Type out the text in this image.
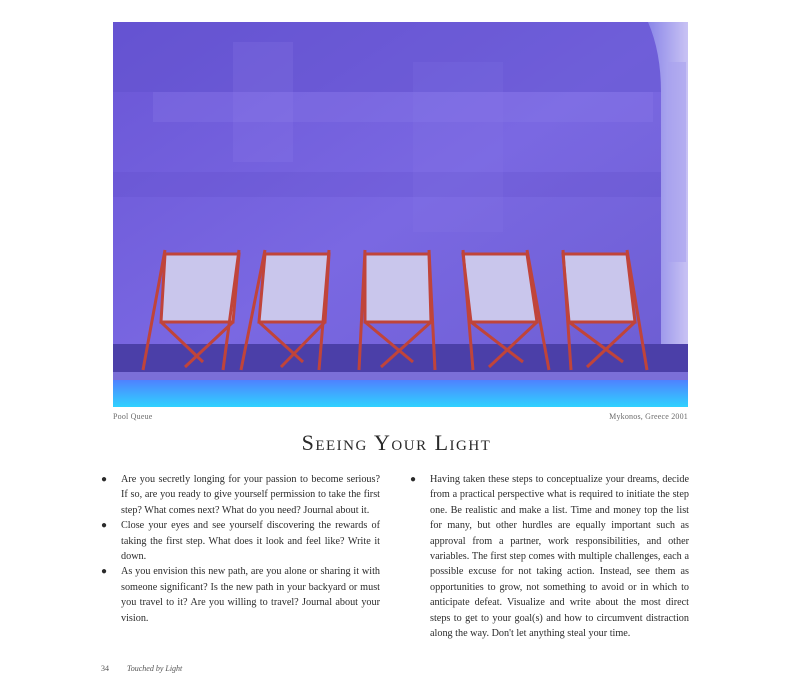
Pool Queue	Mykonos, Greece 2001
Seeing Your Light
● Are you secretly longing for your passion to become serious? If so, are you ready to give yourself permission to take the first step? What comes next? What do you need? Journal about it.
● Close your eyes and see yourself discovering the rewards of taking the first step. What does it look and feel like? Write it down.
● As you envision this new path, are you alone or sharing it with someone significant? Is the new path in your backyard or must you travel to it? Are you willing to travel? Journal about your vision.
● Having taken these steps to conceptualize your dreams, decide from a practical perspective what is required to initiate the step one. Be realistic and make a list. Time and money top the list for many, but other hurdles are equally important such as approval from a partner, work responsibilities, and other variables. The first step comes with multiple challenges, each a possible excuse for not taking action. Instead, see them as opportunities to grow, not something to avoid or in which to anticipate defeat. Visualize and write about the most direct steps to get to your goal(s) and how to circumvent distraction along the way. Don't let anything steal your time.
34 Touched by Light
